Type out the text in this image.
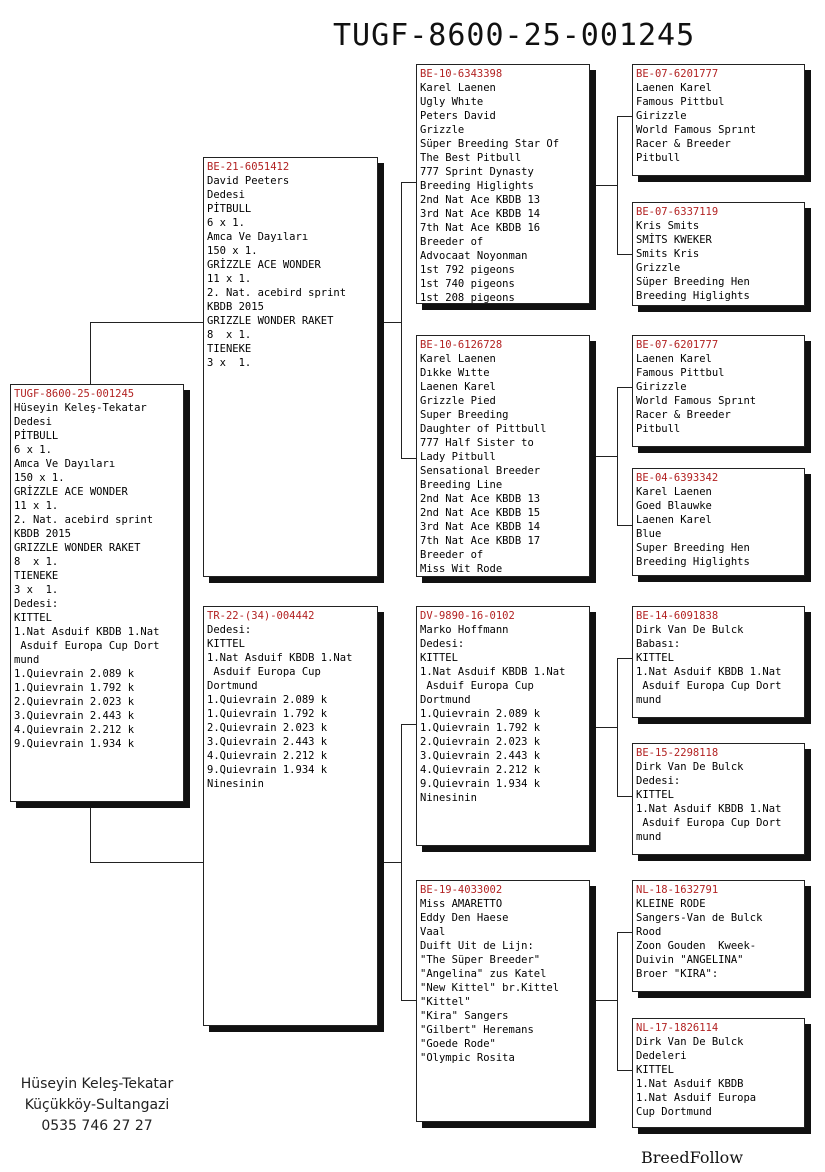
TUGF-8600-25-001245
TUGF-8600-25-001245
Hüseyin Keleş-Tekatar
Dedesi
PİTBULL
6 x 1.
Amca Ve Dayıları
150 x 1.
GRİZZLE ACE WONDER
11 x 1.
2. Nat. acebird sprint
KBDB 2015
GRIZZLE WONDER RAKET
8  x 1.
TIENEKE
3 x  1.
Dedesi:
KITTEL
1.Nat Asduif KBDB 1.Nat
Asduif Europa Cup Dort
mund
1.Quievrain 2.089 k
1.Quievrain 1.792 k
2.Quievrain 2.023 k
3.Quievrain 2.443 k
4.Quievrain 2.212 k
9.Quievrain 1.934 k
BE-21-6051412
David Peeters
Dedesi
PİTBULL
6 x 1.
Amca Ve Dayıları
150 x 1.
GRİZZLE ACE WONDER
11 x 1.
2. Nat. acebird sprint
KBDB 2015
GRIZZLE WONDER RAKET
8  x 1.
TIENEKE
3 x  1.
TR-22-(34)-004442
Dedesi:
KITTEL
1.Nat Asduif KBDB 1.Nat
Asduif Europa Cup
Dortmund
1.Quievrain 2.089 k
1.Quievrain 1.792 k
2.Quievrain 2.023 k
3.Quievrain 2.443 k
4.Quievrain 2.212 k
9.Quievrain 1.934 k
Ninesinin
BE-10-6343398
Karel Laenen
Ugly Whıte
Peters David
Grizzle
Süper Breeding Star Of
The Best Pitbull
777 Sprint Dynasty
Breeding Higlights
2nd Nat Ace KBDB 13
3rd Nat Ace KBDB 14
7th Nat Ace KBDB 16
Breeder of
Advocaat Noyonman
1st 792 pigeons
1st 740 pigeons
1st 208 pigeons
BE-10-6126728
Karel Laenen
Dıkke Wıtte
Laenen Karel
Grizzle Pied
Super Breeding
Daughter of Pittbull
777 Half Sister to
Lady Pitbull
Sensational Breeder
Breeding Line
2nd Nat Ace KBDB 13
2nd Nat Ace KBDB 15
3rd Nat Ace KBDB 14
7th Nat Ace KBDB 17
Breeder of
Miss Wit Rode
DV-9890-16-0102
Marko Hoffmann
Dedesi:
KITTEL
1.Nat Asduif KBDB 1.Nat
Asduif Europa Cup
Dortmund
1.Quievrain 2.089 k
1.Quievrain 1.792 k
2.Quievrain 2.023 k
3.Quievrain 2.443 k
4.Quievrain 2.212 k
9.Quievrain 1.934 k
Ninesinin
BE-19-4033002
Miss AMARETTO
Eddy Den Haese
Vaal
Duift Uit de Lijn:
"The Süper Breeder"
"Angelina" zus Katel
"New Kittel" br.Kittel
"Kittel"
"Kira" Sangers
"Gilbert" Heremans
"Goede Rode"
"Olympic Rosita
BE-07-6201777
Laenen Karel
Famous Pittbul
Girizzle
World Famous Sprınt
Racer & Breeder
Pitbull
BE-07-6337119
Kris Smits
SMİTS KWEKER
Smits Kris
Grizzle
Süper Breeding Hen
Breeding Higlights
BE-07-6201777
Laenen Karel
Famous Pittbul
Girizzle
World Famous Sprınt
Racer & Breeder
Pitbull
BE-04-6393342
Karel Laenen
Goed Blauwke
Laenen Karel
Blue
Super Breeding Hen
Breeding Higlights
BE-14-6091838
Dirk Van De Bulck
Babası:
KITTEL
1.Nat Asduif KBDB 1.Nat
Asduif Europa Cup Dort
mund
BE-15-2298118
Dirk Van De Bulck
Dedesi:
KITTEL
1.Nat Asduif KBDB 1.Nat
Asduif Europa Cup Dort
mund
NL-18-1632791
KLEINE RODE
Sangers-Van de Bulck
Rood
Zoon Gouden  Kweek-
Duivin "ANGELINA"
Broer "KIRA":
NL-17-1826114
Dirk Van De Bulck
Dedeleri
KITTEL
1.Nat Asduif KBDB
1.Nat Asduif Europa
Cup Dortmund
Hüseyin Keleş-Tekatar
Küçükköy-Sultangazi
0535 746 27 27
BreedFollow
